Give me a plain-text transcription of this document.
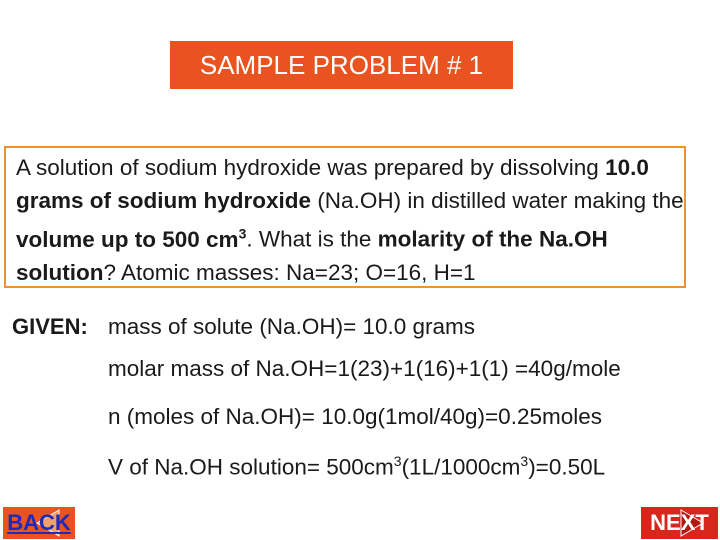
SAMPLE PROBLEM # 1
A solution of sodium hydroxide was prepared by dissolving 10.0 grams of sodium hydroxide (Na.OH) in distilled water making the volume up to 500 $cm^3$. What is the molarity of the Na.OH solution? Atomic masses: Na=23; O=16, H=1
GIVEN: mass of solute (Na.OH)= 10.0 grams
molar mass of Na.OH=1(23)+1(16)+1(1) =40g/mole
n (moles of Na.OH)= 10.0g(1mol/40g)=0.25moles
V of Na.OH solution= $500cm^3(1L/1000cm^3)=0.50L$
BACK	NEXT
